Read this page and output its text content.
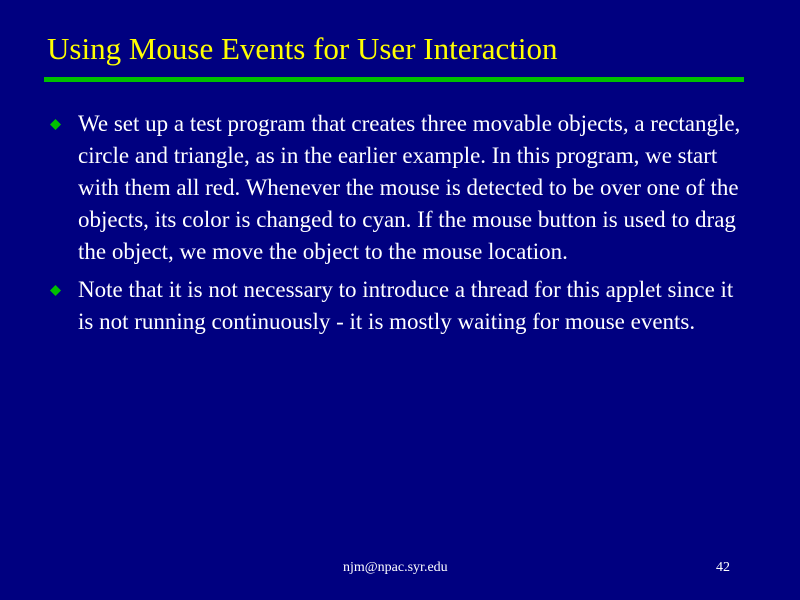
Using Mouse Events for User Interaction
We set up a test program that creates three movable objects, a rectangle, circle and triangle, as in the earlier example. In this program, we start with them all red. Whenever the mouse is detected to be over one of the objects, its color is changed to cyan. If the mouse button is used to drag the object, we move the object to the mouse location.
Note that it is not necessary to introduce a thread for this applet since it is not running continuously - it is mostly waiting for mouse events.
njm@npac.syr.edu	42
